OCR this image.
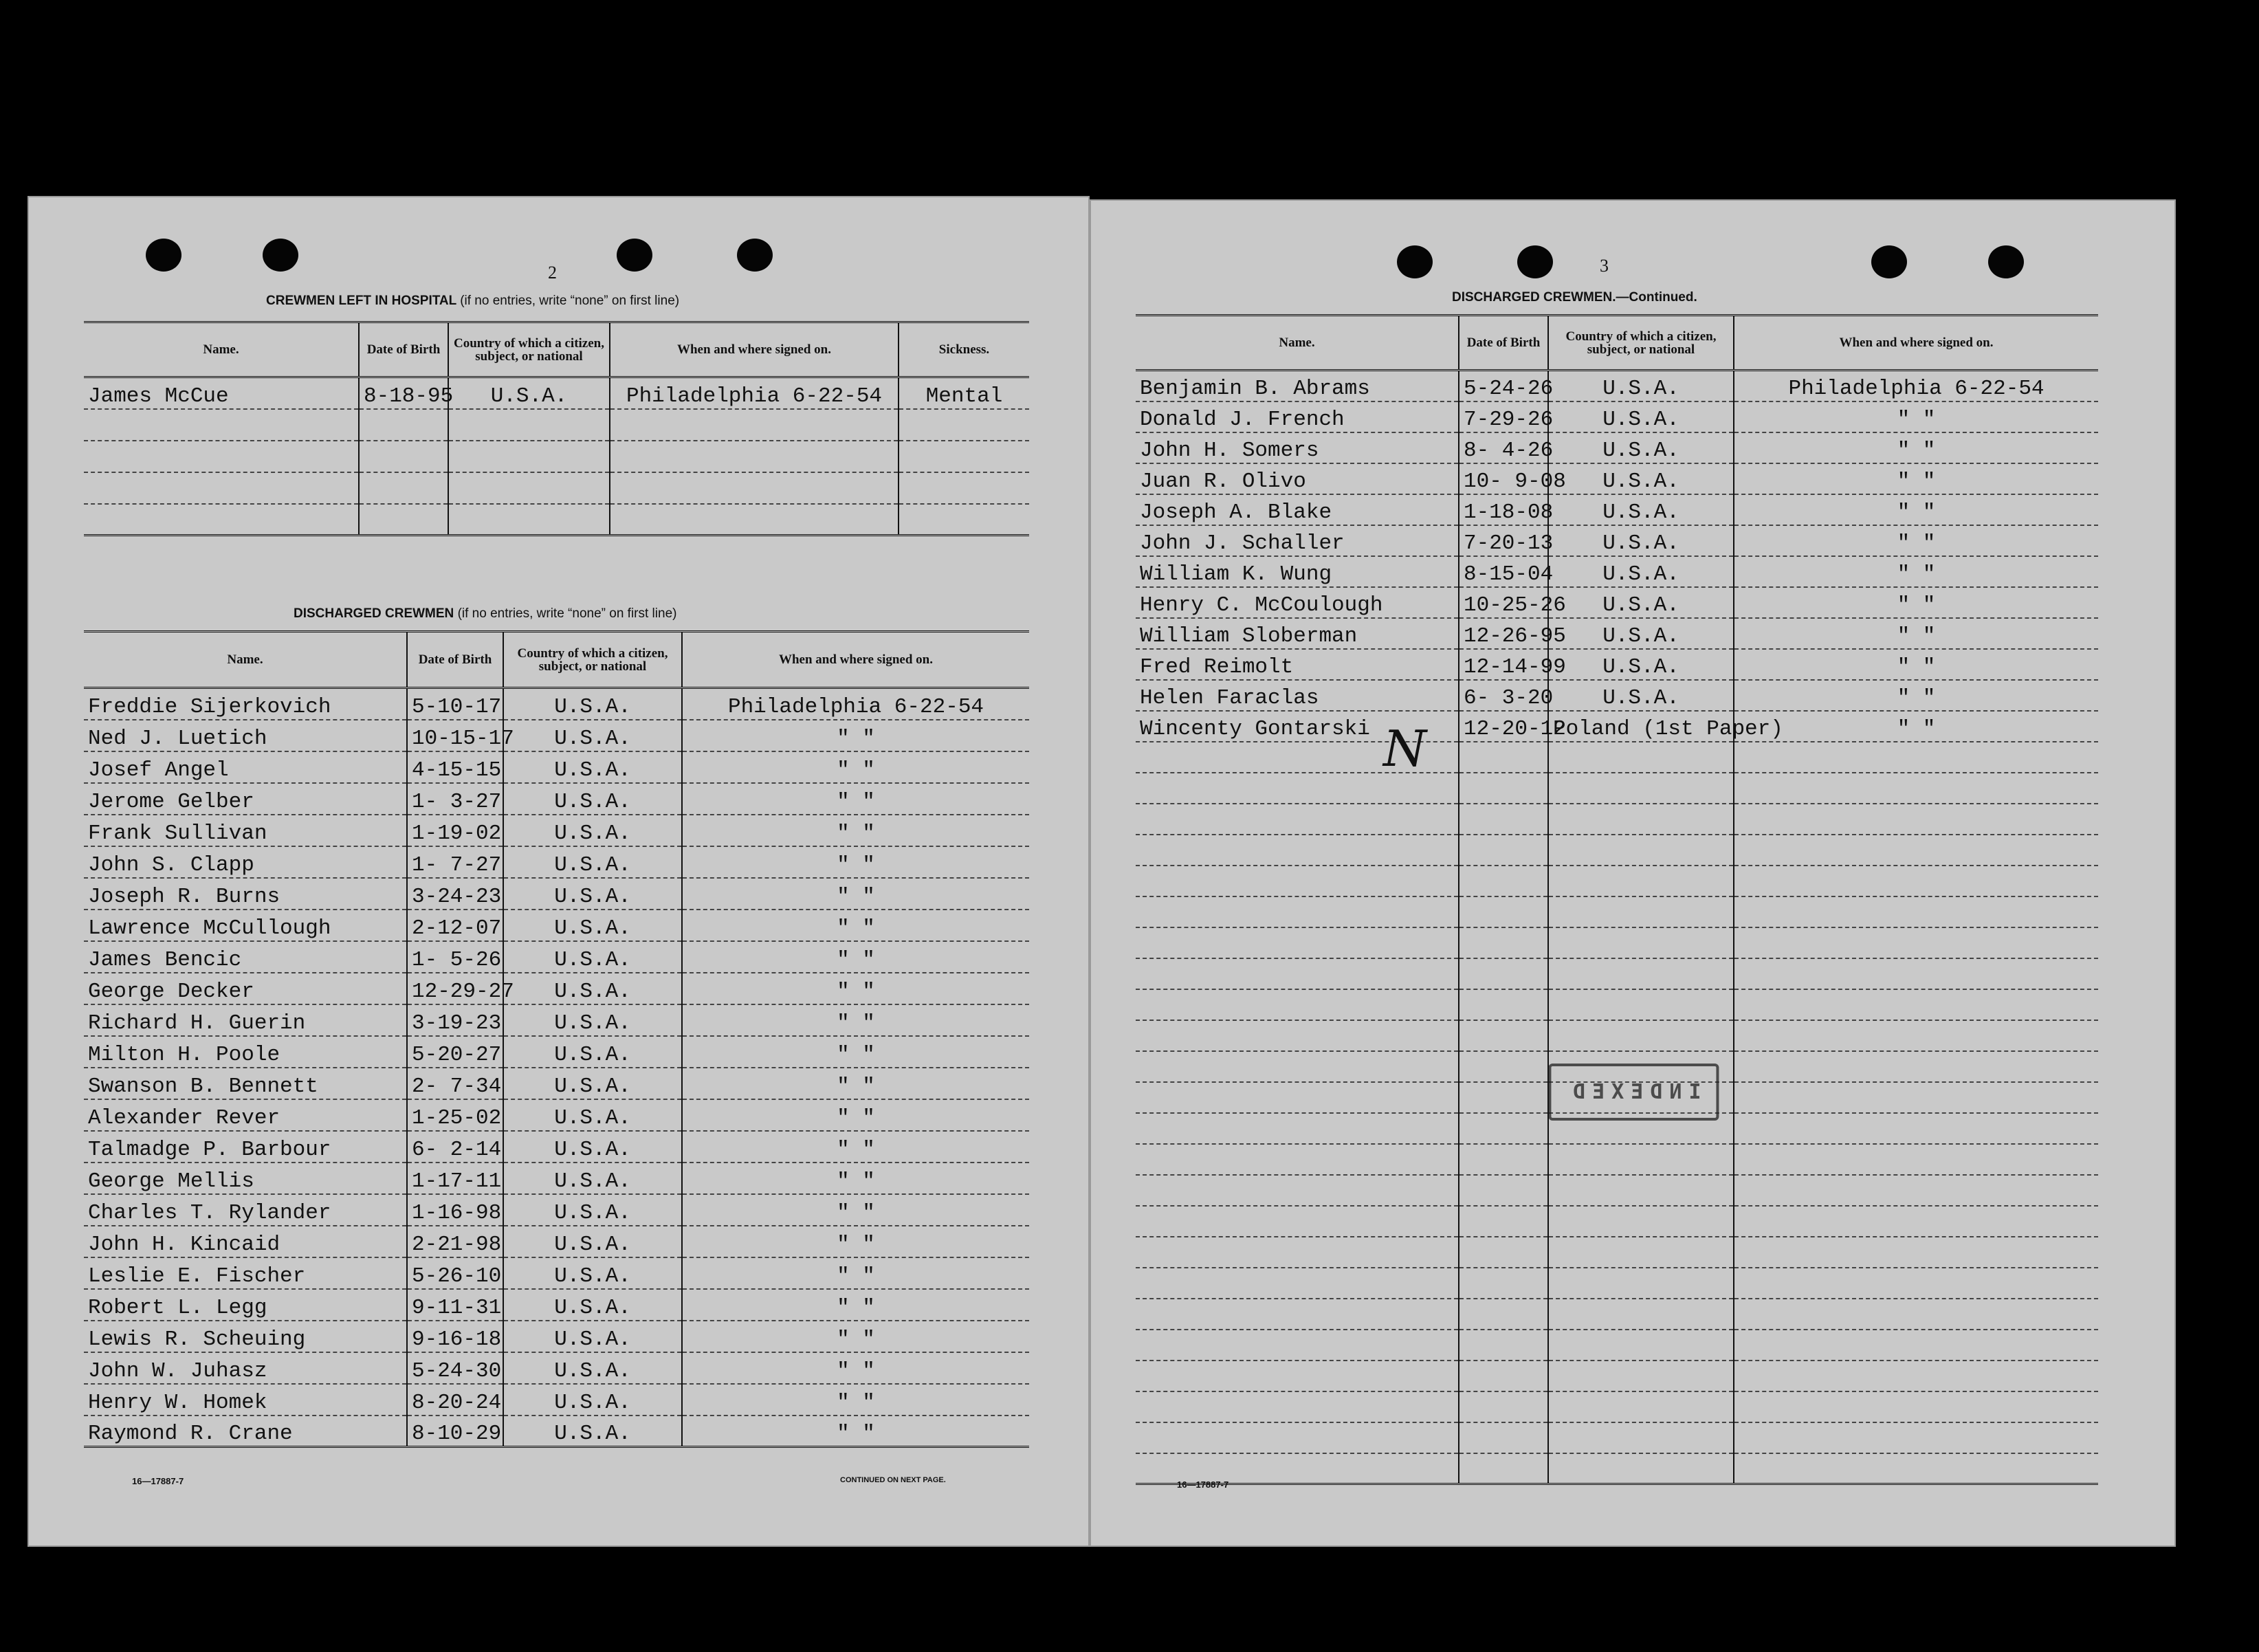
2
CREWMEN LEFT IN HOSPITAL (if no entries, write “none” on first line)
Name.	Date of Birth	Country of which a citizen, subject, or national	When and where signed on.	Sickness.
James McCue	8-18-95	U.S.A.	Philadelphia 6-22-54	Mental

DISCHARGED CREWMEN (if no entries, write “none” on first line)
Name.	Date of Birth	Country of which a citizen, subject, or national	When and where signed on.
Freddie Sijerkovich	5-10-17	U.S.A.	Philadelphia 6-22-54
Ned J. Luetich	10-15-17	U.S.A.	" "
Josef Angel	4-15-15	U.S.A.	" "
Jerome Gelber	1- 3-27	U.S.A.	" "
Frank Sullivan	1-19-02	U.S.A.	" "
John S. Clapp	1- 7-27	U.S.A.	" "
Joseph R. Burns	3-24-23	U.S.A.	" "
Lawrence McCullough	2-12-07	U.S.A.	" "
James Bencic	1- 5-26	U.S.A.	" "
George Decker	12-29-27	U.S.A.	" "
Richard H. Guerin	3-19-23	U.S.A.	" "
Milton H. Poole	5-20-27	U.S.A.	" "
Swanson B. Bennett	2- 7-34	U.S.A.	" "
Alexander Rever	1-25-02	U.S.A.	" "
Talmadge P. Barbour	6- 2-14	U.S.A.	" "
George Mellis	1-17-11	U.S.A.	" "
Charles T. Rylander	1-16-98	U.S.A.	" "
John H. Kincaid	2-21-98	U.S.A.	" "
Leslie E. Fischer	5-26-10	U.S.A.	" "
Robert L. Legg	9-11-31	U.S.A.	" "
Lewis R. Scheuing	9-16-18	U.S.A.	" "
John W. Juhasz	5-24-30	U.S.A.	" "
Henry W. Homek	8-20-24	U.S.A.	" "
Raymond R. Crane	8-10-29	U.S.A.	" "
16—17887-7	CONTINUED ON NEXT PAGE.
3
DISCHARGED CREWMEN.—Continued.
Name.	Date of Birth	Country of which a citizen, subject, or national	When and where signed on.
Benjamin B. Abrams	5-24-26	U.S.A.	Philadelphia 6-22-54
Donald J. French	7-29-26	U.S.A.	" "
John H. Somers	8- 4-26	U.S.A.	" "
Juan R. Olivo	10- 9-08	U.S.A.	" "
Joseph A. Blake	1-18-08	U.S.A.	" "
John J. Schaller	7-20-13	U.S.A.	" "
William K. Wung	8-15-04	U.S.A.	" "
Henry C. McCoulough	10-25-26	U.S.A.	" "
William Sloberman	12-26-95	U.S.A.	" "
Fred Reimolt	12-14-99	U.S.A.	" "
Helen Faraclas	6- 3-20	U.S.A.	" "
Wincenty Gontarski	12-20-12	Poland (1st Paper)	" "

N
INDEXED
16—17887-7
